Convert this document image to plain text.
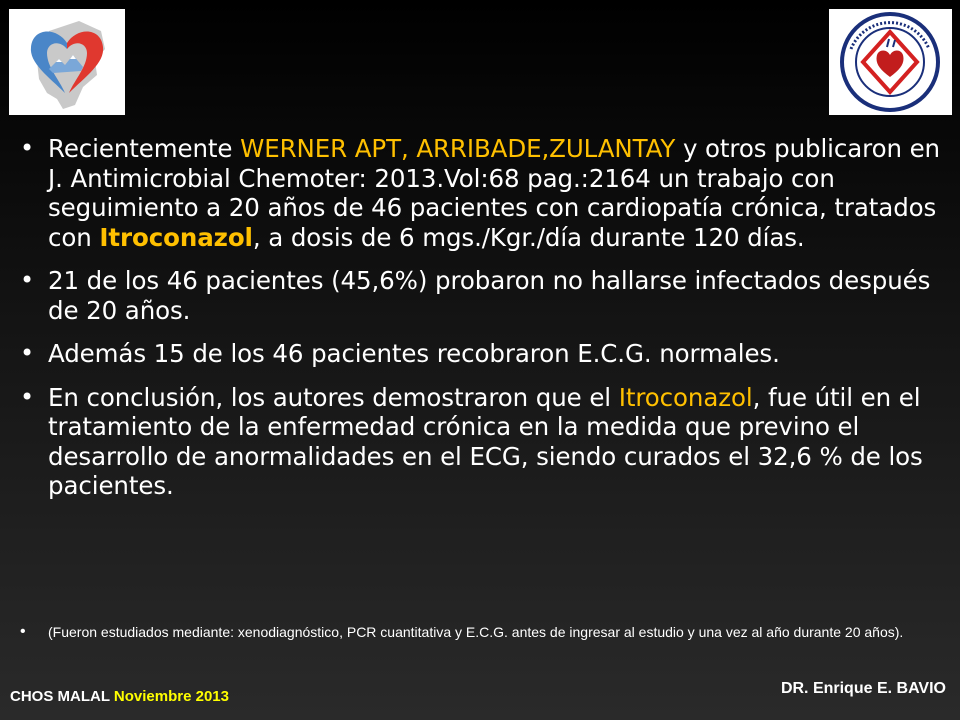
• Recientemente WERNER APT, ARRIBADE,ZULANTAY y otros publicaron en J. Antimicrobial Chemoter: 2013.Vol:68 pag.:2164 un trabajo con seguimiento a 20 años de 46 pacientes con cardiopatía crónica, tratados con Itroconazol, a dosis de 6 mgs./Kgr./día durante 120 días.
• 21 de los 46 pacientes (45,6%) probaron no hallarse infectados después de 20 años.
• Además 15 de los 46 pacientes recobraron E.C.G. normales.
• En conclusión, los autores demostraron que el Itroconazol, fue útil en el tratamiento de la enfermedad crónica en la medida que previno el desarrollo de anormalidades en el ECG, siendo curados el 32,6 % de los pacientes.
• (Fueron estudiados mediante: xenodiagnóstico, PCR cuantitativa y E.C.G. antes de ingresar al estudio y una vez al año durante 20 años).
CHOS MALAL Noviembre 2013	DR. Enrique E. BAVIO
